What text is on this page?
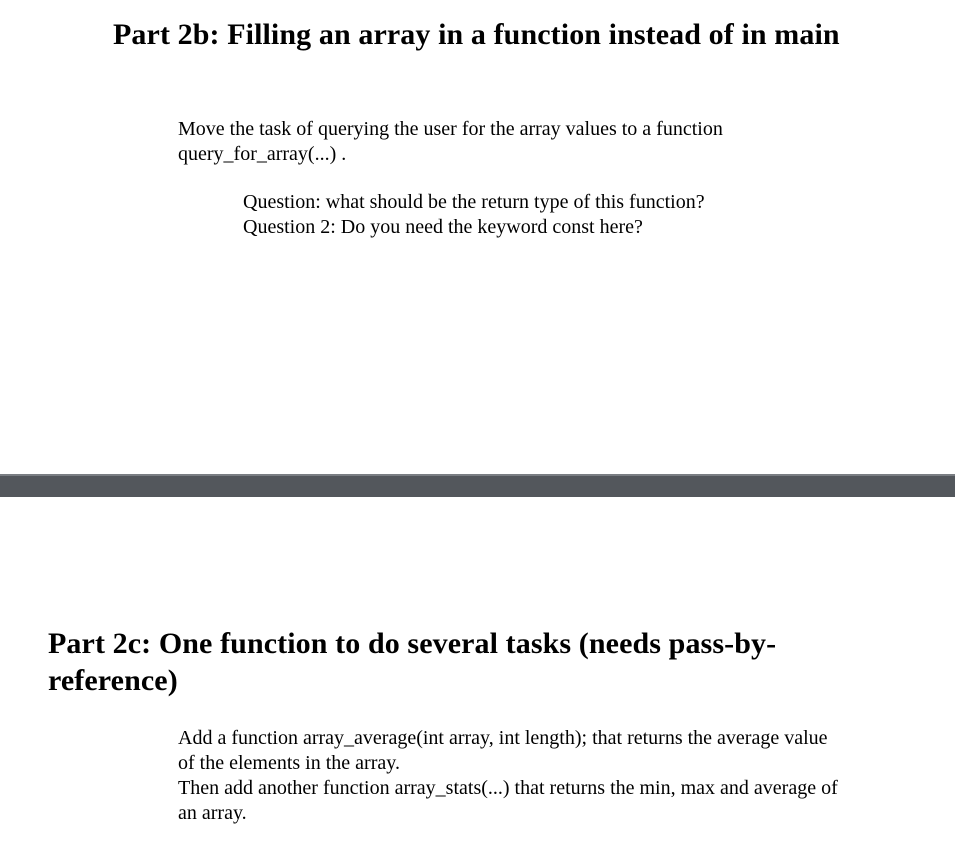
Part 2b: Filling an array in a function instead of in main

Move the task of querying the user for the array values to a function
query_for_array(...) .

Question: what should be the return type of this function?
Question 2: Do you need the keyword const here?

Part 2c: One function to do several tasks (needs pass-by-reference)

Add a function array_average(int array, int length); that returns the average value
of the elements in the array.
Then add another function array_stats(...) that returns the min, max and average of
an array.
